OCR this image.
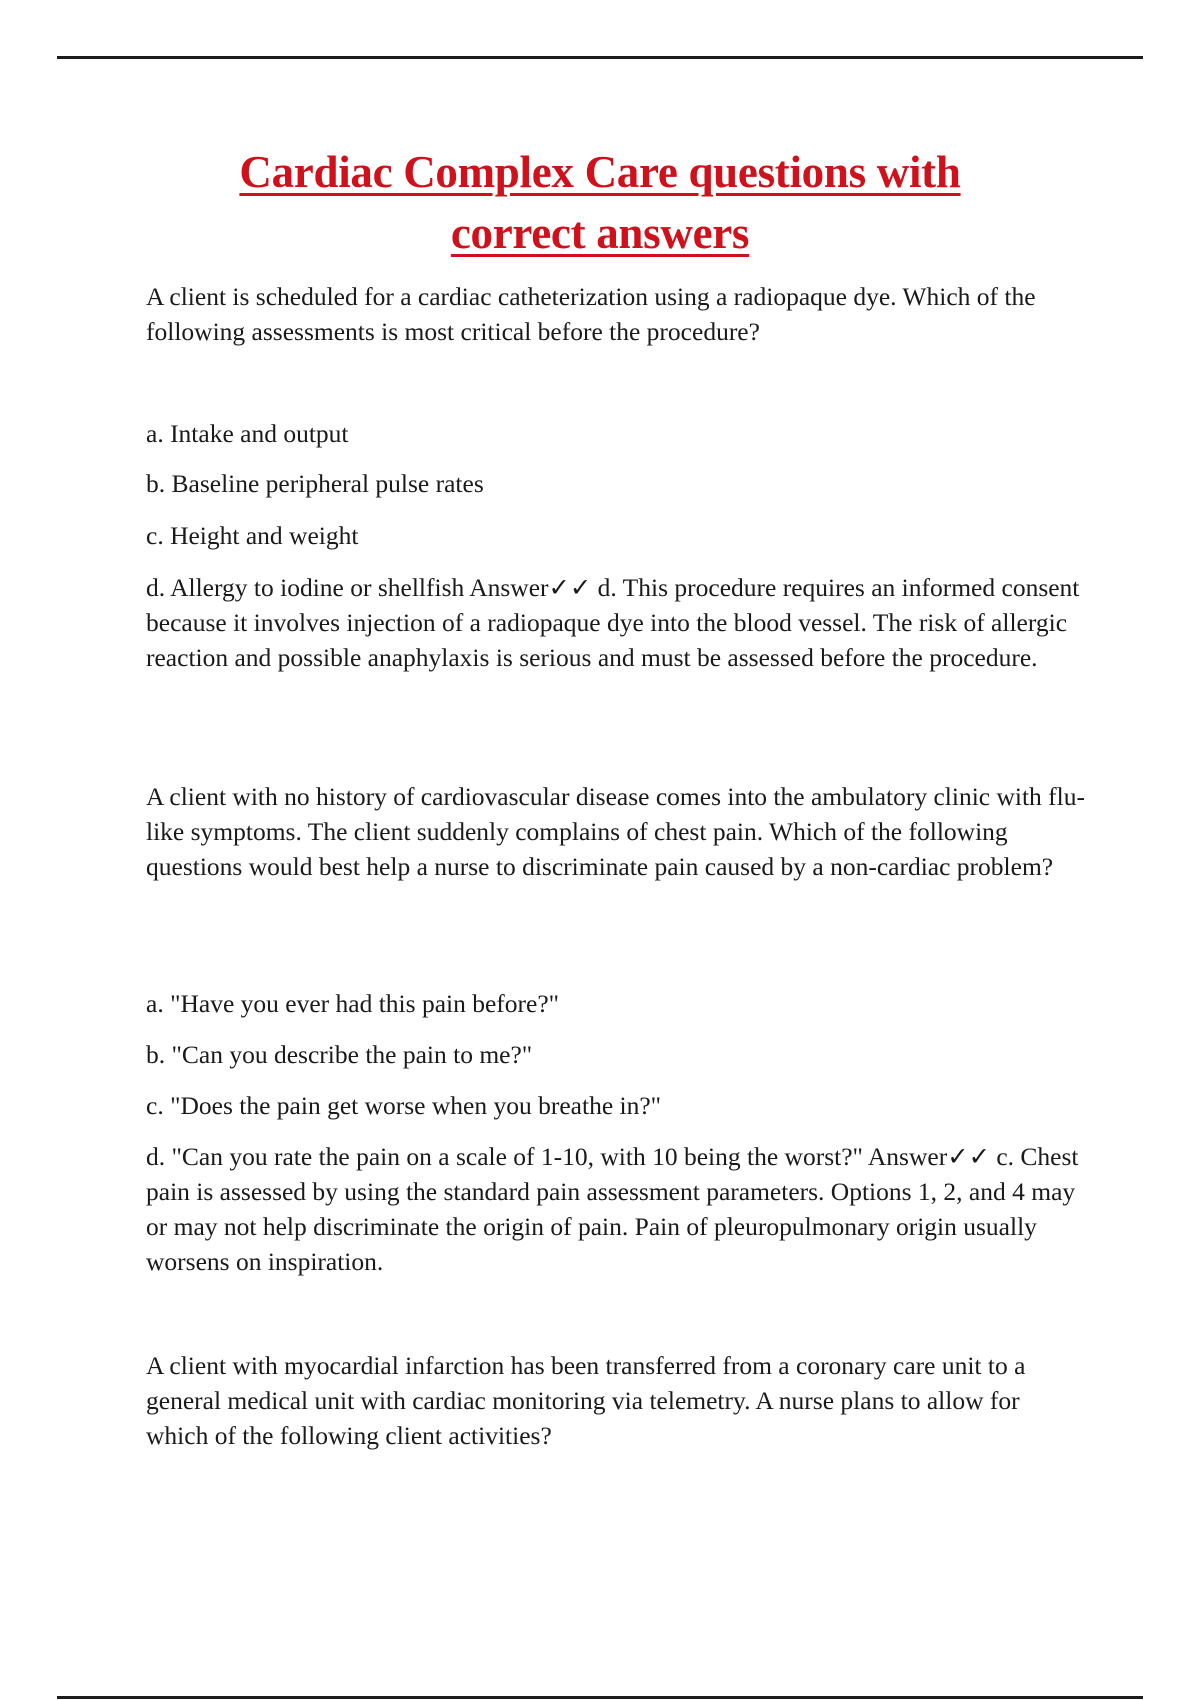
Cardiac Complex Care questions with
correct answers

A client is scheduled for a cardiac catheterization using a radiopaque dye. Which of the following assessments is most critical before the procedure?

a. Intake and output
b. Baseline peripheral pulse rates
c. Height and weight

d. Allergy to iodine or shellfish Answer✓✓ d. This procedure requires an informed consent because it involves injection of a radiopaque dye into the blood vessel. The risk of allergic reaction and possible anaphylaxis is serious and must be assessed before the procedure.

A client with no history of cardiovascular disease comes into the ambulatory clinic with flu-like symptoms. The client suddenly complains of chest pain. Which of the following questions would best help a nurse to discriminate pain caused by a non-cardiac problem?

a. "Have you ever had this pain before?"
b. "Can you describe the pain to me?"
c. "Does the pain get worse when you breathe in?"

d. "Can you rate the pain on a scale of 1-10, with 10 being the worst?" Answer✓✓ c. Chest pain is assessed by using the standard pain assessment parameters. Options 1, 2, and 4 may or may not help discriminate the origin of pain. Pain of pleuropulmonary origin usually worsens on inspiration.

A client with myocardial infarction has been transferred from a coronary care unit to a general medical unit with cardiac monitoring via telemetry. A nurse plans to allow for which of the following client activities?
